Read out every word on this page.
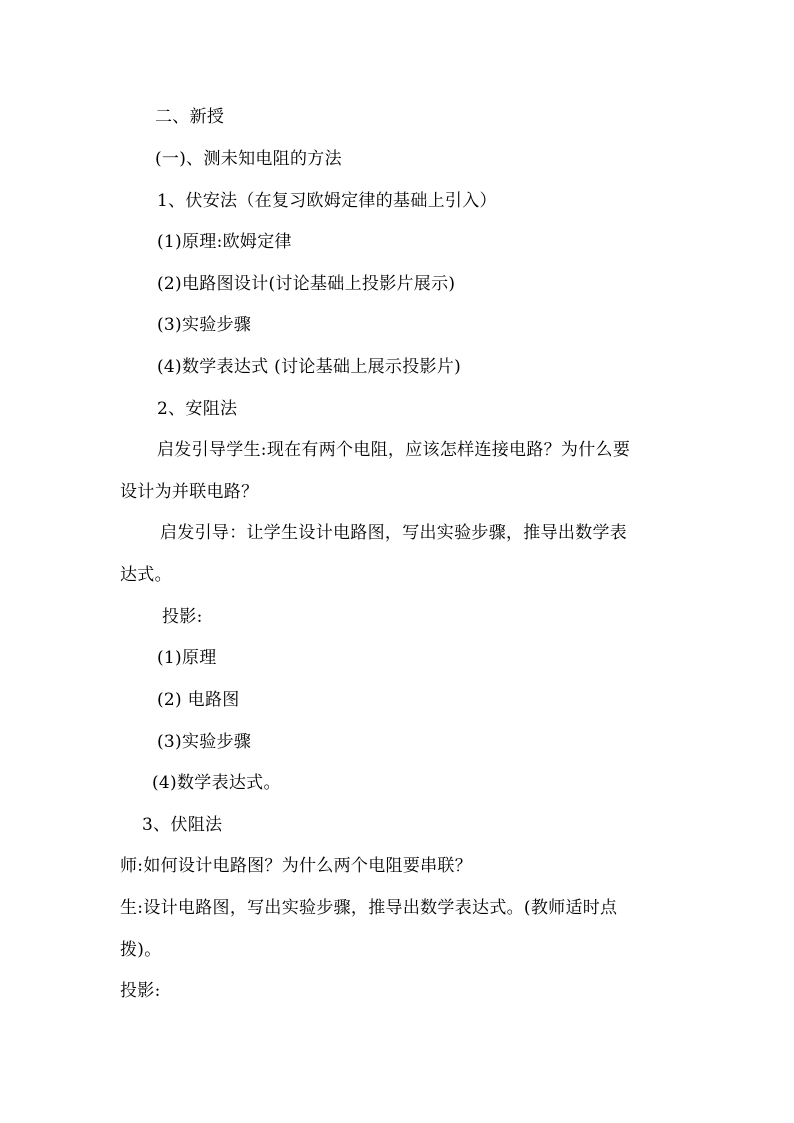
二、新授
(一)、测未知电阻的方法
1、伏安法（在复习欧姆定律的基础上引入）
(1)原理:欧姆定律
(2)电路图设计(讨论基础上投影片展示)
(3)实验步骤
(4)数学表达式 (讨论基础上展示投影片)
2、安阻法
启发引导学生:现在有两个电阻，应该怎样连接电路？为什么要
设计为并联电路？
启发引导：让学生设计电路图，写出实验步骤，推导出数学表
达式。
投影:
(1)原理
(2) 电路图
(3)实验步骤
(4)数学表达式。
3、伏阻法
师:如何设计电路图？为什么两个电阻要串联？
生:设计电路图，写出实验步骤，推导出数学表达式。(教师适时点
拨)。
投影:
